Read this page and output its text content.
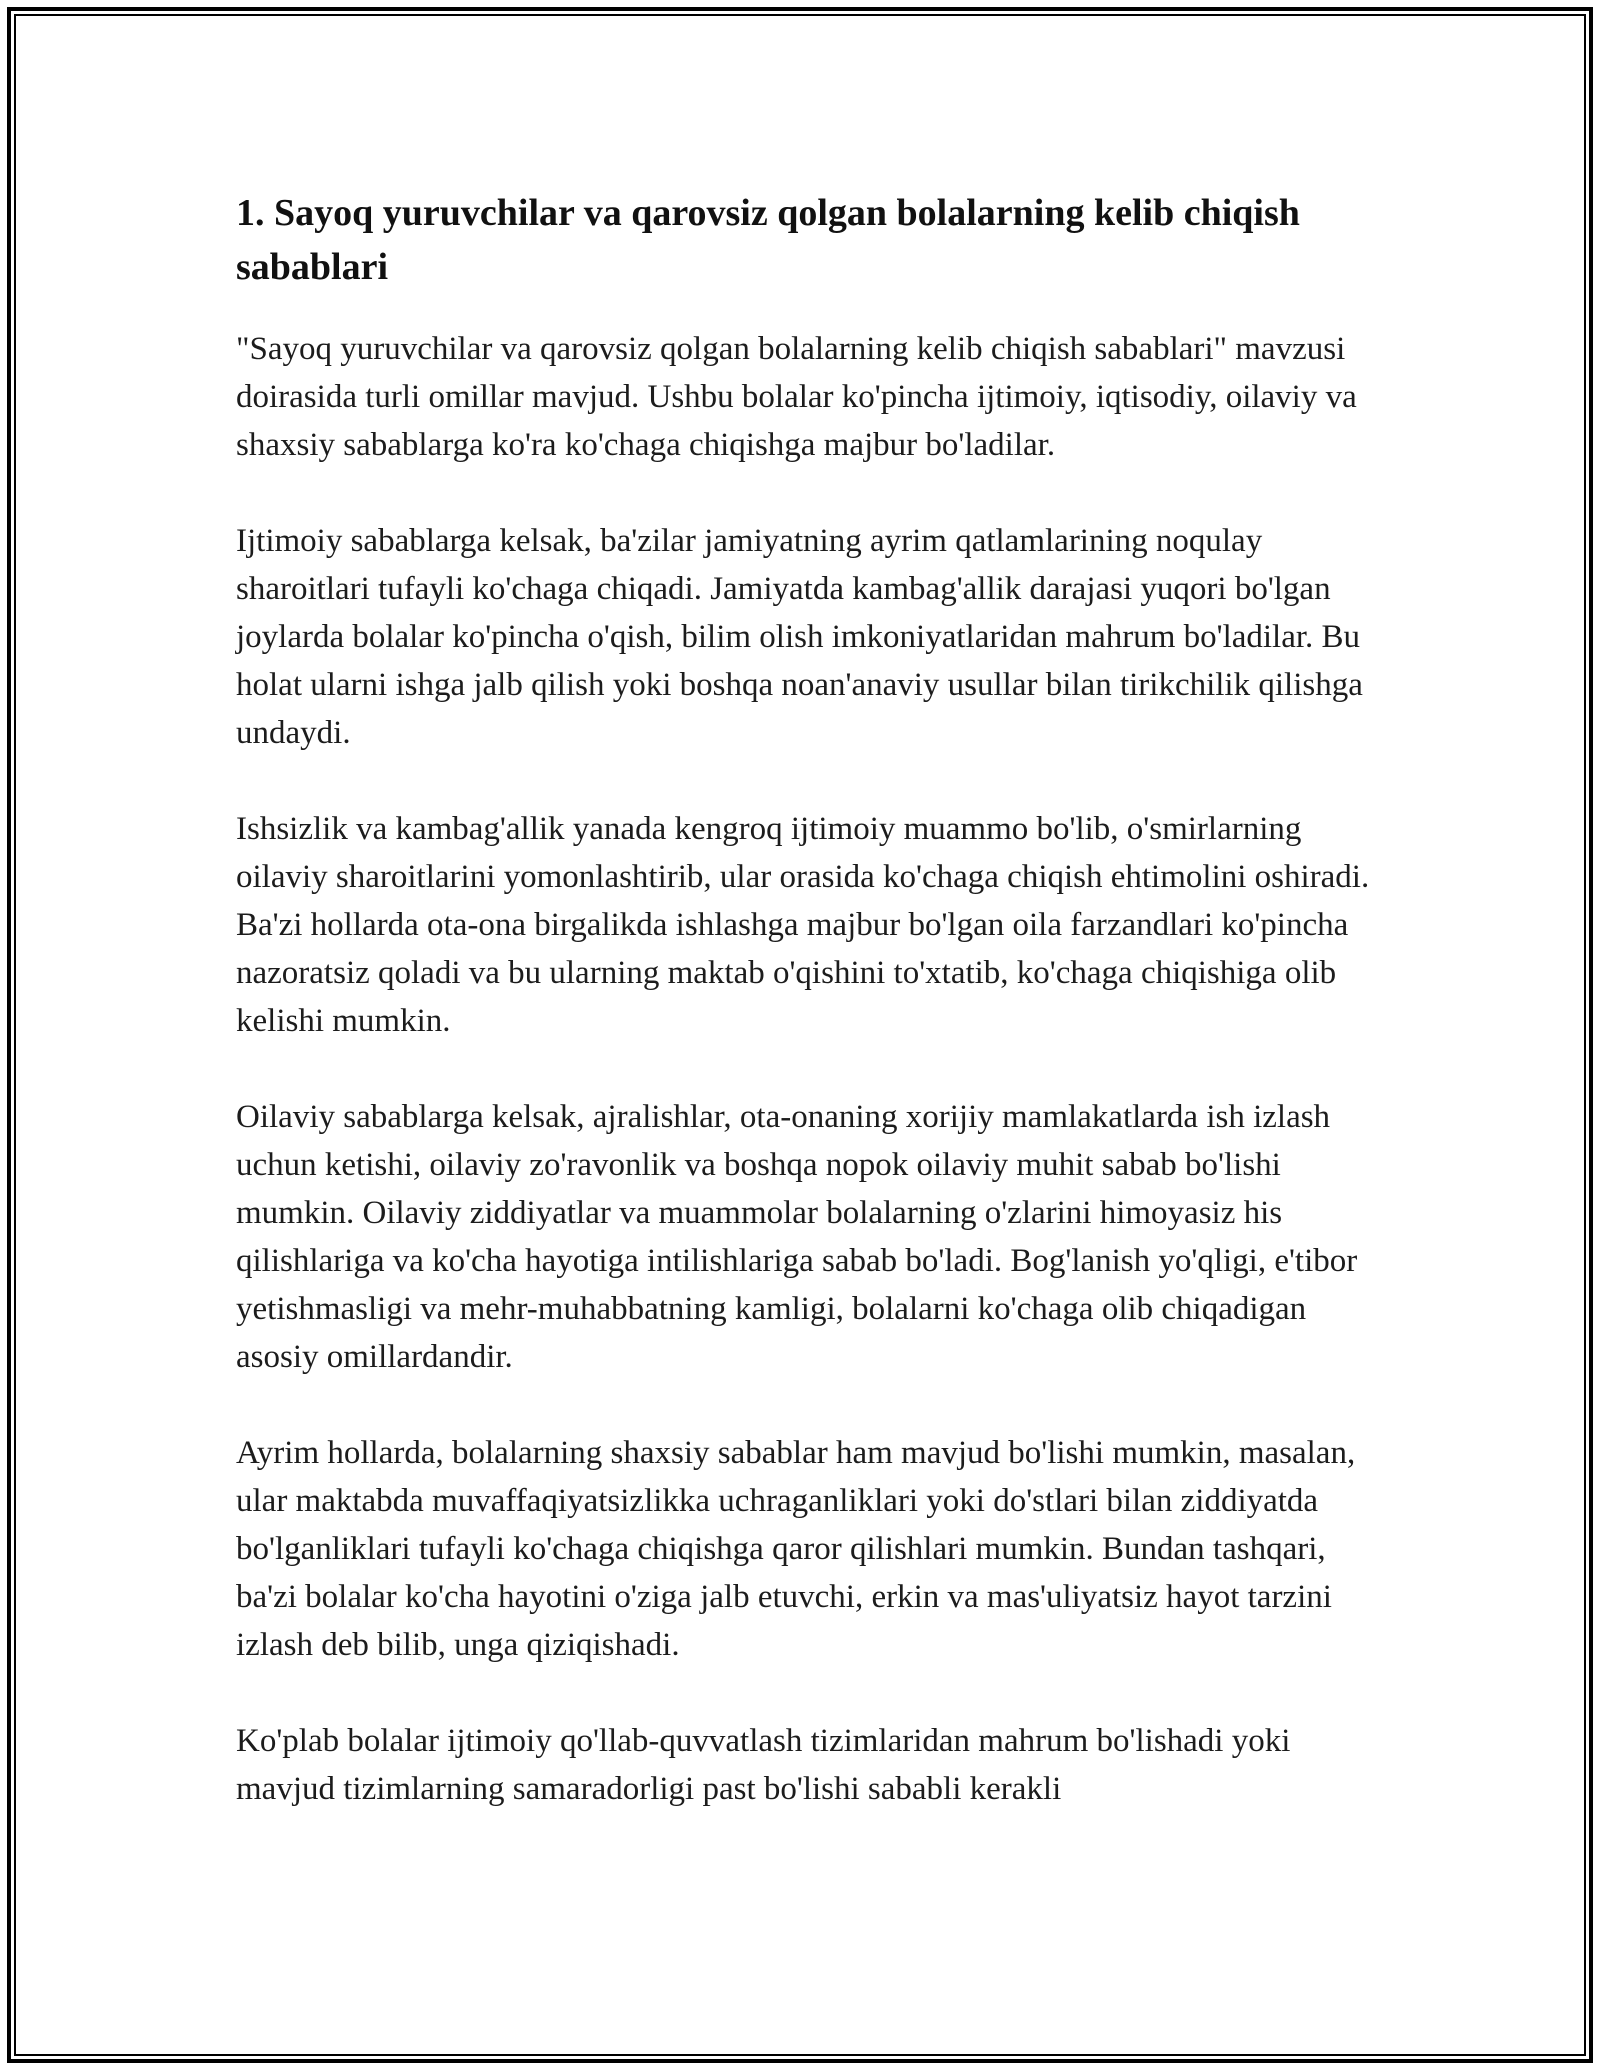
1. Sayoq yuruvchilar va qarovsiz qolgan bolalarning kelib chiqish sabablari

"Sayoq yuruvchilar va qarovsiz qolgan bolalarning kelib chiqish sabablari" mavzusi doirasida turli omillar mavjud. Ushbu bolalar ko'pincha ijtimoiy, iqtisodiy, oilaviy va shaxsiy sabablarga ko'ra ko'chaga chiqishga majbur bo'ladilar.

Ijtimoiy sabablarga kelsak, ba'zilar jamiyatning ayrim qatlamlarining noqulay sharoitlari tufayli ko'chaga chiqadi. Jamiyatda kambag'allik darajasi yuqori bo'lgan joylarda bolalar ko'pincha o'qish, bilim olish imkoniyatlaridan mahrum bo'ladilar. Bu holat ularni ishga jalb qilish yoki boshqa noan'anaviy usullar bilan tirikchilik qilishga undaydi.

Ishsizlik va kambag'allik yanada kengroq ijtimoiy muammo bo'lib, o'smirlarning oilaviy sharoitlarini yomonlashtirib, ular orasida ko'chaga chiqish ehtimolini oshiradi. Ba'zi hollarda ota-ona birgalikda ishlashga majbur bo'lgan oila farzandlari ko'pincha nazoratsiz qoladi va bu ularning maktab o'qishini to'xtatib, ko'chaga chiqishiga olib kelishi mumkin.

Oilaviy sabablarga kelsak, ajralishlar, ota-onaning xorijiy mamlakatlarda ish izlash uchun ketishi, oilaviy zo'ravonlik va boshqa nopok oilaviy muhit sabab bo'lishi mumkin. Oilaviy ziddiyatlar va muammolar bolalarning o'zlarini himoyasiz his qilishlariga va ko'cha hayotiga intilishlariga sabab bo'ladi. Bog'lanish yo'qligi, e'tibor yetishmasligi va mehr-muhabbatning kamligi, bolalarni ko'chaga olib chiqadigan asosiy omillardandir.

Ayrim hollarda, bolalarning shaxsiy sabablar ham mavjud bo'lishi mumkin, masalan, ular maktabda muvaffaqiyatsizlikka uchraganliklari yoki do'stlari bilan ziddiyatda bo'lganliklari tufayli ko'chaga chiqishga qaror qilishlari mumkin. Bundan tashqari, ba'zi bolalar ko'cha hayotini o'ziga jalb etuvchi, erkin va mas'uliyatsiz hayot tarzini izlash deb bilib, unga qiziqishadi.

Ko'plab bolalar ijtimoiy qo'llab-quvvatlash tizimlaridan mahrum bo'lishadi yoki mavjud tizimlarning samaradorligi past bo'lishi sababli kerakli
